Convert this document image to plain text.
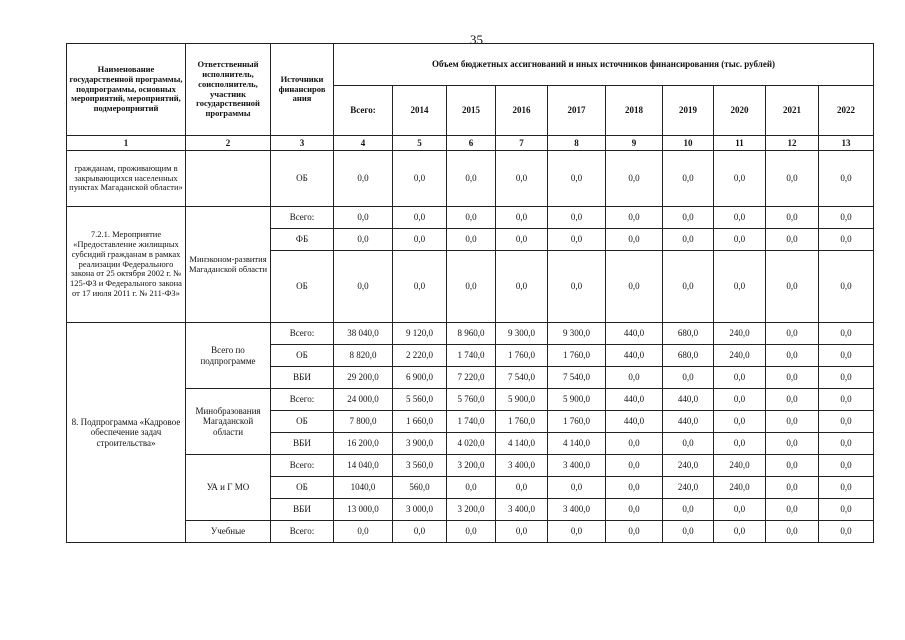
35
Наименование государственной программы, подпрограммы, основных мероприятий, мероприятий, подмероприятий	Ответственный исполнитель, соисполнитель, участник государственной программы	Источники финансиров ания	Объем бюджетных ассигнований и иных источников финансирования (тыс. рублей)									
			Всего:	2014	2015	2016	2017	2018	2019	2020	2021	2022
1	2	3	4	5	6	7	8	9	10	11	12	13
гражданам, проживающим в закрывающихся населенных пунктах Магаданской области»		ОБ	0,0	0,0	0,0	0,0	0,0	0,0	0,0	0,0	0,0	0,0
7.2.1. Мероприятие «Предоставление жилищных субсидий гражданам в рамках реализации Федерального закона от 25 октября 2002 г. № 125-ФЗ и Федерального закона от 17 июля 2011 г. № 211-ФЗ»	Минэконом-развития Магаданской области	Всего:	0,0	0,0	0,0	0,0	0,0	0,0	0,0	0,0	0,0	0,0
		ФБ	0,0	0,0	0,0	0,0	0,0	0,0	0,0	0,0	0,0	0,0
		ОБ	0,0	0,0	0,0	0,0	0,0	0,0	0,0	0,0	0,0	0,0
8. Подпрограмма «Кадровое обеспечение задач строительства»	Всего по подпрограмме	Всего:	38 040,0	9 120,0	8 960,0	9 300,0	9 300,0	440,0	680,0	240,0	0,0	0,0
		ОБ	8 820,0	2 220,0	1 740,0	1 760,0	1 760,0	440,0	680,0	240,0	0,0	0,0
		ВБИ	29 200,0	6 900,0	7 220,0	7 540,0	7 540,0	0,0	0,0	0,0	0,0	0,0
	Минобразования Магаданской области	Всего:	24 000,0	5 560,0	5 760,0	5 900,0	5 900,0	440,0	440,0	0,0	0,0	0,0
		ОБ	7 800,0	1 660,0	1 740,0	1 760,0	1 760,0	440,0	440,0	0,0	0,0	0,0
		ВБИ	16 200,0	3 900,0	4 020,0	4 140,0	4 140,0	0,0	0,0	0,0	0,0	0,0
	УА и Г МО	Всего:	14 040,0	3 560,0	3 200,0	3 400,0	3 400,0	0,0	240,0	240,0	0,0	0,0
		ОБ	1040,0	560,0	0,0	0,0	0,0	0,0	240,0	240,0	0,0	0,0
		ВБИ	13 000,0	3 000,0	3 200,0	3 400,0	3 400,0	0,0	0,0	0,0	0,0	0,0
	Учебные	Всего:	0,0	0,0	0,0	0,0	0,0	0,0	0,0	0,0	0,0	0,0
